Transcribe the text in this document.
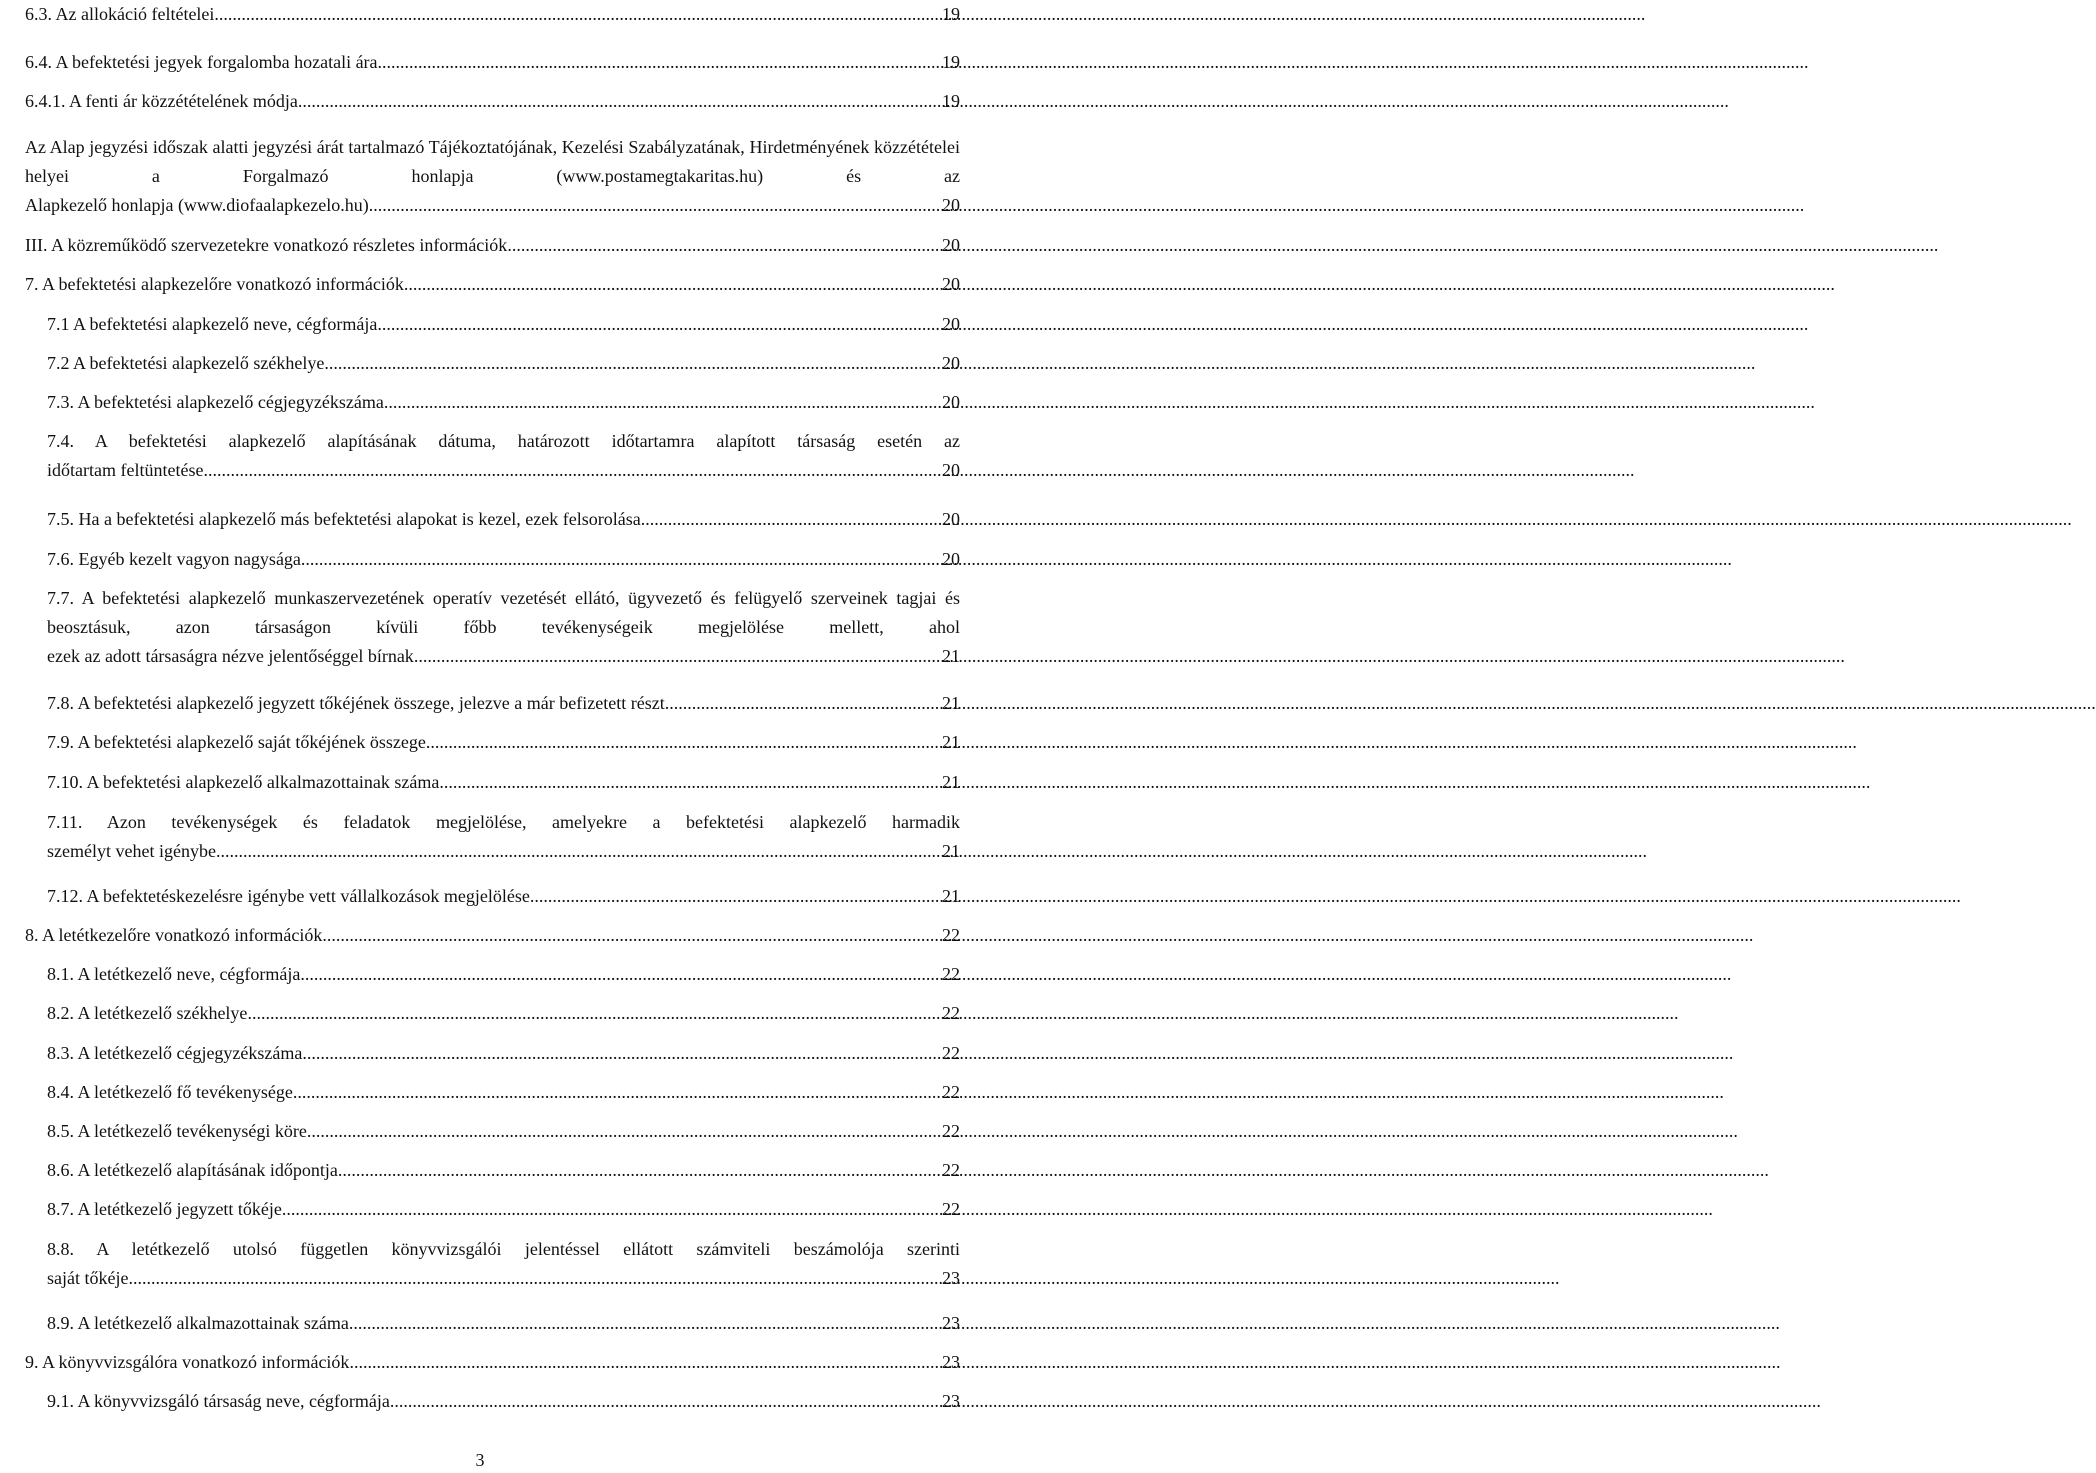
6.3. Az allokáció feltételei .....	19
6.4. A befektetési jegyek forgalomba hozatali ára .....	19
6.4.1. A fenti ár közzétételének módja .....	19
Az Alap jegyzési időszak alatti jegyzési árát tartalmazó Tájékoztatójának, Kezelési Szabályzatának, Hirdetményének közzétételei helyei a Forgalmazó honlapja (www.postamegtakaritas.hu) és az
Alapkezelő honlapja (www.diofaalapkezelo.hu). .....	20
III. A közreműködő szervezetekre vonatkozó részletes információk .....	20
7. A befektetési alapkezelőre vonatkozó információk .....	20
7.1 A befektetési alapkezelő neve, cégformája .....	20
7.2 A befektetési alapkezelő székhelye .....	20
7.3. A befektetési alapkezelő cégjegyzékszáma .....	20
7.4. A befektetési alapkezelő alapításának dátuma, határozott időtartamra alapított társaság esetén az
időtartam feltüntetése .....	20
7.5. Ha a befektetési alapkezelő más befektetési alapokat is kezel, ezek felsorolása .....	20
7.6. Egyéb kezelt vagyon nagysága .....	20
7.7. A befektetési alapkezelő munkaszervezetének operatív vezetését ellátó, ügyvezető és felügyelő szerveinek tagjai és beosztásuk, azon társaságon kívüli főbb tevékenységeik megjelölése mellett, ahol
ezek az adott társaságra nézve jelentőséggel bírnak .....	21
7.8. A befektetési alapkezelő jegyzett tőkéjének összege, jelezve a már befizetett részt .....	21
7.9. A befektetési alapkezelő saját tőkéjének összege .....	21
7.10. A befektetési alapkezelő alkalmazottainak száma .....	21
7.11. Azon tevékenységek és feladatok megjelölése, amelyekre a befektetési alapkezelő harmadik
személyt vehet igénybe .....	21
7.12. A befektetéskezelésre igénybe vett vállalkozások megjelölése .....	21
8. A letétkezelőre vonatkozó információk .....	22
8.1. A letétkezelő neve, cégformája .....	22
8.2. A letétkezelő székhelye .....	22
8.3. A letétkezelő cégjegyzékszáma .....	22
8.4. A letétkezelő fő tevékenysége .....	22
8.5. A letétkezelő tevékenységi köre .....	22
8.6. A letétkezelő alapításának időpontja .....	22
8.7. A letétkezelő jegyzett tőkéje .....	22
8.8. A letétkezelő utolsó független könyvvizsgálói jelentéssel ellátott számviteli beszámolója szerinti
saját tőkéje .....	23
8.9. A letétkezelő alkalmazottainak száma .....	23
9. A könyvvizsgálóra vonatkozó információk .....	23
9.1. A könyvvizsgáló társaság neve, cégformája .....	23
3
